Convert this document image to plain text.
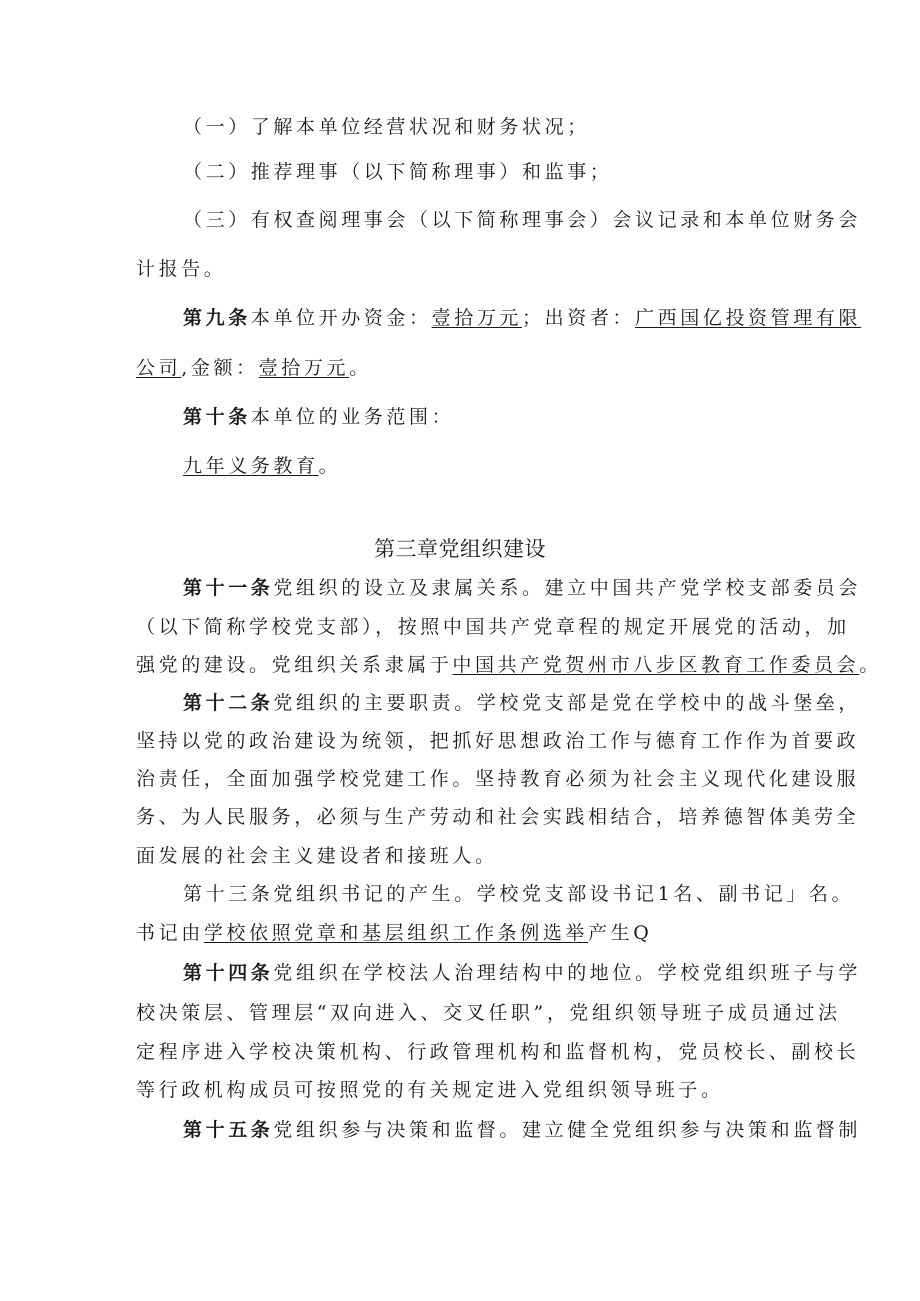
（一）了解本单位经营状况和财务状况；
（二）推荐理事（以下简称理事）和监事；
（三）有权查阅理事会（以下简称理事会）会议记录和本单位财务会
计报告。
第九条本单位开办资金：壹拾万元；出资者：广西国亿投资管理有限
公司,金额：壹拾万元。
第十条本单位的业务范围：
九年义务教育。
第三章党组织建设
第十一条党组织的设立及隶属关系。建立中国共产党学校支部委员会
（以下简称学校党支部），按照中国共产党章程的规定开展党的活动，加
强党的建设。党组织关系隶属于中国共产党贺州市八步区教育工作委员会。
第十二条党组织的主要职责。学校党支部是党在学校中的战斗堡垒，
坚持以党的政治建设为统领，把抓好思想政治工作与德育工作作为首要政
治责任，全面加强学校党建工作。坚持教育必须为社会主义现代化建设服
务、为人民服务，必须与生产劳动和社会实践相结合，培养德智体美劳全
面发展的社会主义建设者和接班人。
第十三条党组织书记的产生。学校党支部设书记1名、副书记」名。
书记由学校依照党章和基层组织工作条例选举产生Q
第十四条党组织在学校法人治理结构中的地位。学校党组织班子与学
校决策层、管理层“双向进入、交叉任职”，党组织领导班子成员通过法
定程序进入学校决策机构、行政管理机构和监督机构，党员校长、副校长
等行政机构成员可按照党的有关规定进入党组织领导班子。
第十五条党组织参与决策和监督。建立健全党组织参与决策和监督制
